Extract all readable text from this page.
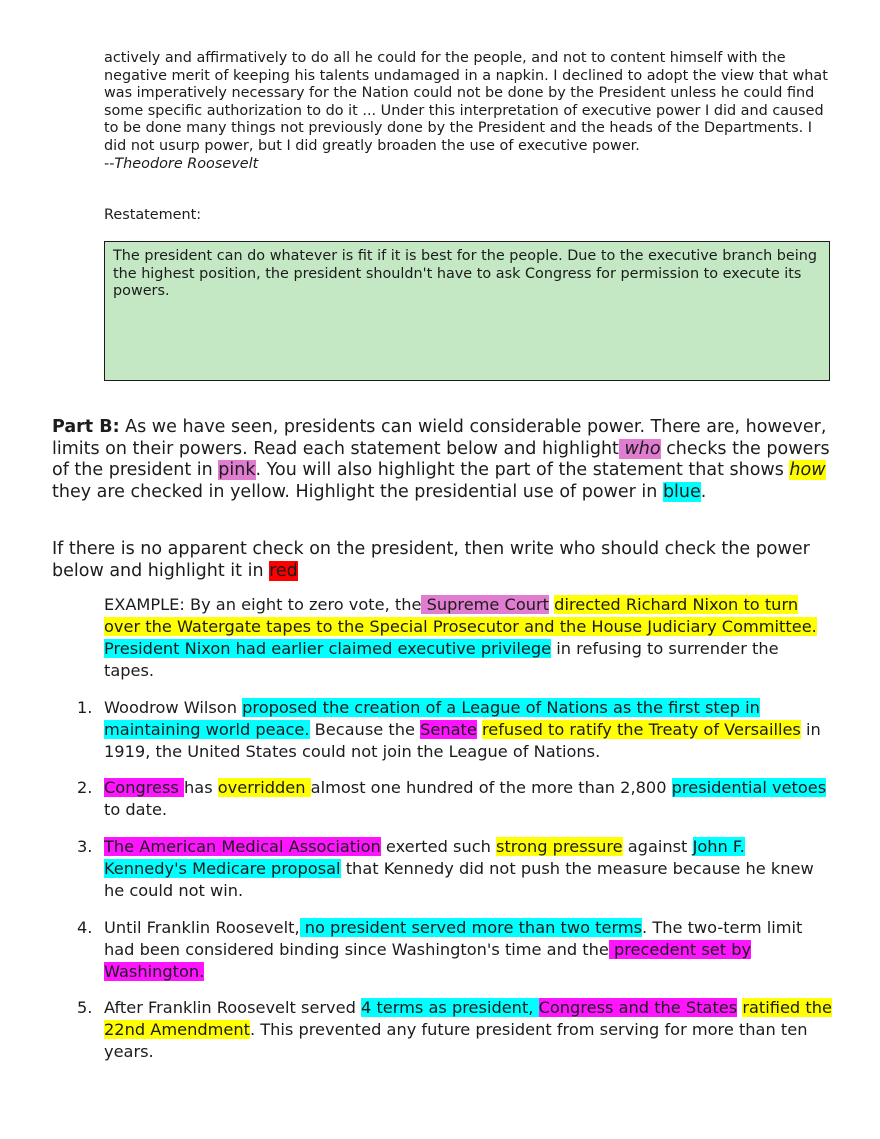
actively and affirmatively to do all he could for the people, and not to content himself with the negative merit of keeping his talents undamaged in a napkin. I declined to adopt the view that what was imperatively necessary for the Nation could not be done by the President unless he could find some specific authorization to do it ... Under this interpretation of executive power I did and caused to be done many things not previously done by the President and the heads of the Departments. I did not usurp power, but I did greatly broaden the use of executive power.
--Theodore Roosevelt
Restatement:
The president can do whatever is fit if it is best for the people. Due to the executive branch being the highest position, the president shouldn't have to ask Congress for permission to execute its powers.
Part B: As we have seen, presidents can wield considerable power. There are, however, limits on their powers. Read each statement below and highlight who checks the powers of the president in pink. You will also highlight the part of the statement that shows how they are checked in yellow. Highlight the presidential use of power in blue.
If there is no apparent check on the president, then write who should check the power below and highlight it in red
EXAMPLE: By an eight to zero vote, the Supreme Court directed Richard Nixon to turn over the Watergate tapes to the Special Prosecutor and the House Judiciary Committee. President Nixon had earlier claimed executive privilege in refusing to surrender the tapes.
1. Woodrow Wilson proposed the creation of a League of Nations as the first step in maintaining world peace. Because the Senate refused to ratify the Treaty of Versailles in 1919, the United States could not join the League of Nations.
2. Congress has overridden almost one hundred of the more than 2,800 presidential vetoes to date.
3. The American Medical Association exerted such strong pressure against John F. Kennedy's Medicare proposal that Kennedy did not push the measure because he knew he could not win.
4. Until Franklin Roosevelt, no president served more than two terms. The two-term limit had been considered binding since Washington's time and the precedent set by Washington.
5. After Franklin Roosevelt served 4 terms as president, Congress and the States ratified the 22nd Amendment. This prevented any future president from serving for more than ten years.
